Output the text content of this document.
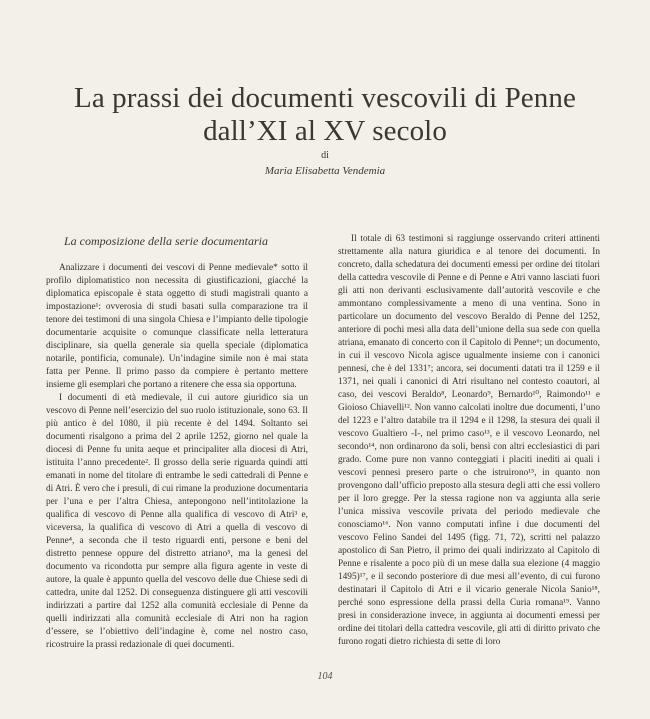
La prassi dei documenti vescovili di Penne
dall’XI al XV secolo
di
Maria Elisabetta Vendemia
La composizione della serie documentaria

Analizzare i documenti dei vescovi di Penne medievale* sotto il profilo diplomatistico non necessita di giustificazioni, giacché la diplomatica episcopale è stata oggetto di studi magistrali quanto a impostazione¹: ovverosia di studi basati sulla comparazione tra il tenore dei testimoni di una singola Chiesa e l’impianto delle tipologie documentarie acquisite o comunque classificate nella letteratura disciplinare, sia quella generale sia quella speciale (diplomatica notarile, pontificia, comunale). Un’indagine simile non è mai stata fatta per Penne. Il primo passo da compiere è pertanto mettere insieme gli esemplari che portano a ritenere che essa sia opportuna.

I documenti di età medievale, il cui autore giuridico sia un vescovo di Penne nell’esercizio del suo ruolo istituzionale, sono 63. Il più antico è del 1080, il più recente è del 1494. Soltanto sei documenti risalgono a prima del 2 aprile 1252, giorno nel quale la diocesi di Penne fu unita aeque et principaliter alla diocesi di Atri, istituita l’anno precedente². Il grosso della serie riguarda quindi atti emanati in nome del titolare di entrambe le sedi cattedrali di Penne e di Atri. È vero che i presuli, di cui rimane la produzione documentaria per l’una e per l’altra Chiesa, antepongono nell’intitolazione la qualifica di vescovo di Penne alla qualifica di vescovo di Atri³ e, viceversa, la qualifica di vescovo di Atri a quella di vescovo di Penne⁴, a seconda che il testo riguardi enti, persone e beni del distretto pennese oppure del distretto atriano⁵, ma la genesi del documento va ricondotta pur sempre alla figura agente in veste di autore, la quale è appunto quella del vescovo delle due Chiese sedi di cattedra, unite dal 1252. Di conseguenza distinguere gli atti vescovili indirizzati a partire dal 1252 alla comunità ecclesiale di Penne da quelli indirizzati alla comunità ecclesiale di Atri non ha ragion d’essere, se l’obiettivo dell’indagine è, come nel nostro caso, ricostruire la prassi redazionale di quei documenti.

Il totale di 63 testimoni si raggiunge osservando criteri attinenti strettamente alla natura giuridica e al tenore dei documenti. In concreto, dalla schedatura dei documenti emessi per ordine dei titolari della cattedra vescovile di Penne e di Penne e Atri vanno lasciati fuori gli atti non derivanti esclusivamente dall’autorità vescovile e che ammontano complessivamente a meno di una ventina. Sono in particolare un documento del vescovo Beraldo di Penne del 1252, anteriore di pochi mesi alla data dell’unione della sua sede con quella atriana, emanato di concerto con il Capitolo di Penne⁶; un documento, in cui il vescovo Nicola agisce ugualmente insieme con i canonici pennesi, che è del 1331⁷; ancora, sei documenti datati tra il 1259 e il 1371, nei quali i canonici di Atri risultano nel contesto coautori, al caso, dei vescovi Beraldo⁸, Leonardo⁹, Bernardo¹⁰, Raimondo¹¹ e Gioioso Chiavelli¹². Non vanno calcolati inoltre due documenti, l’uno del 1223 e l’altro databile tra il 1294 e il 1298, la stesura dei quali il vescovo Gualtiero -I-, nel primo caso¹³, e il vescovo Leonardo, nel secondo¹⁴, non ordinarono da soli, bensì con altri ecclesiastici di pari grado. Come pure non vanno conteggiati i placiti inediti ai quali i vescovi pennesi presero parte o che istruirono¹⁵, in quanto non provengono dall’ufficio preposto alla stesura degli atti che essi vollero per il loro gregge. Per la stessa ragione non va aggiunta alla serie l’unica missiva vescovile privata del periodo medievale che conosciamo¹⁶. Non vanno computati infine i due documenti del vescovo Felino Sandei del 1495 (figg. 71, 72), scritti nel palazzo apostolico di San Pietro, il primo dei quali indirizzato al Capitolo di Penne e risalente a poco più di un mese dalla sua elezione (4 maggio 1495)¹⁷, e il secondo posteriore di due mesi all’evento, di cui furono destinatari il Capitolo di Atri e il vicario generale Nicola Sanio¹⁸, perché sono espressione della prassi della Curia romana¹⁹. Vanno presi in considerazione invece, in aggiunta ai documenti emessi per ordine dei titolari della cattedra vescovile, gli atti di diritto privato che furono rogati dietro richiesta di sette di loro

104
